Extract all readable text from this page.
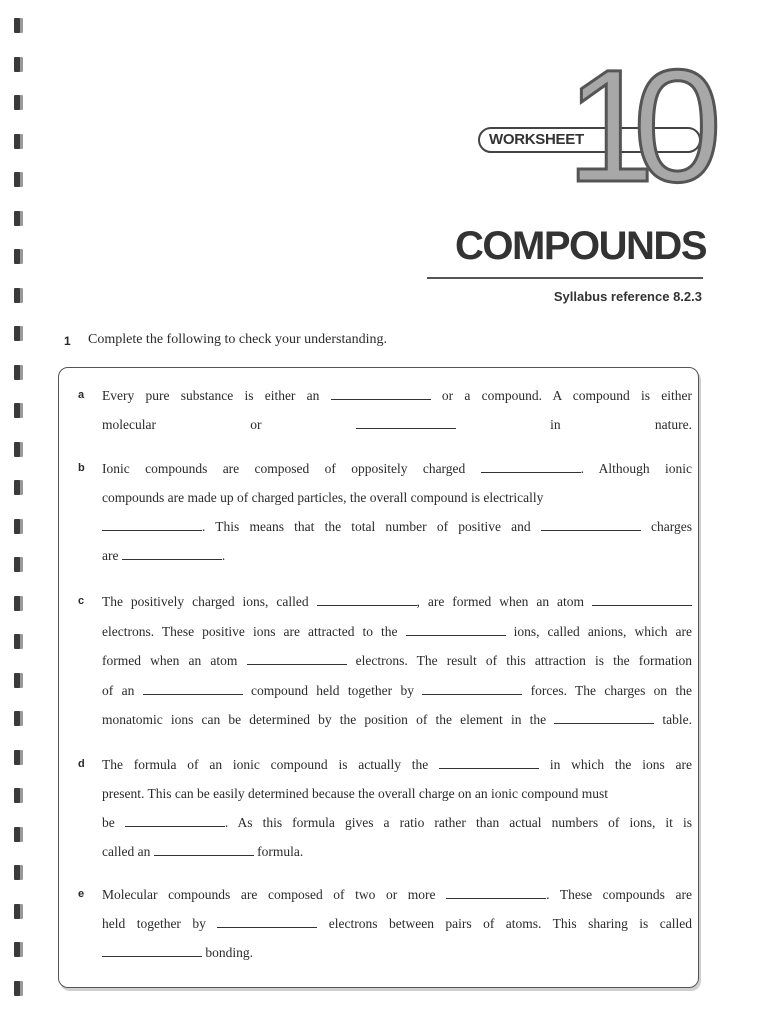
10
WORKSHEET
COMPOUNDS
Syllabus reference 8.2.3
1 Complete the following to check your understanding.
a Every pure substance is either an	or a compound. A compound is either
molecular or	in nature.
b Ionic compounds are composed of oppositely charged	. Although ionic
compounds are made up of charged particles, the overall compound is electrically
. This means that the total number of positive and	charges
are	.
c The positively charged ions, called	, are formed when an atom
electrons. These positive ions are attracted to the	ions, called anions, which are
formed when an atom	electrons. The result of this attraction is the formation
of an	compound held together by	forces. The charges on the
monatomic ions can be determined by the position of the element in the	table.
d The formula of an ionic compound is actually the	in which the ions are
present. This can be easily determined because the overall charge on an ionic compound must
be	. As this formula gives a ratio rather than actual numbers of ions, it is
called an	formula.
e Molecular compounds are composed of two or more	. These compounds are
held together by	electrons between pairs of atoms. This sharing is called
bonding.
